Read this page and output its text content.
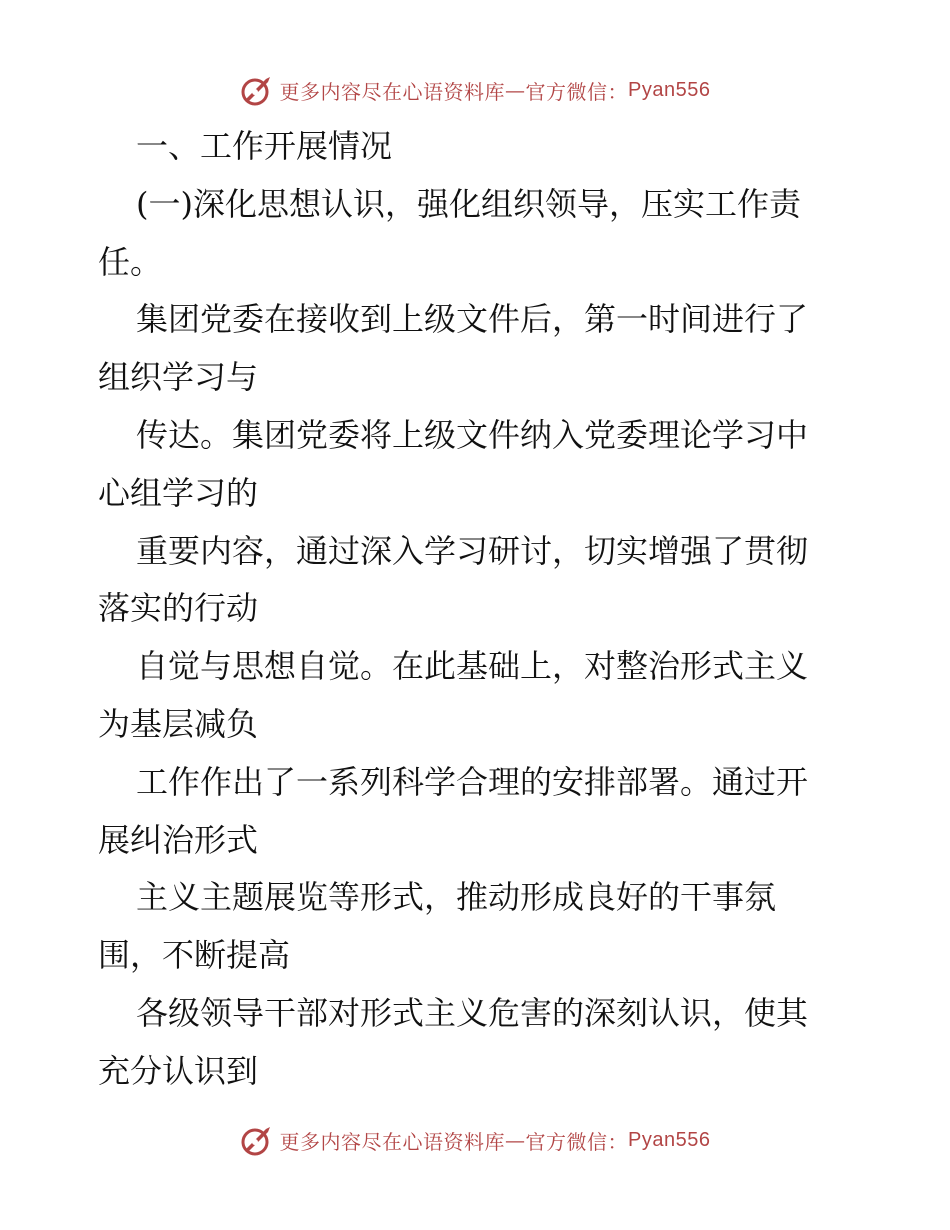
更多内容尽在心语资料库 — 官方微信： Pyan556
一、工作开展情况
(一)深化思想认识，强化组织领导，压实工作责
任。
集团党委在接收到上级文件后，第一时间进行了
组织学习与
传达。集团党委将上级文件纳入党委理论学习中
心组学习的
重要内容，通过深入学习研讨，切实增强了贯彻
落实的行动
自觉与思想自觉。在此基础上，对整治形式主义
为基层减负
工作作出了一系列科学合理的安排部署。通过开
展纠治形式
主义主题展览等形式，推动形成良好的干事氛
围，不断提高
各级领导干部对形式主义危害的深刻认识，使其
充分认识到
更多内容尽在心语资料库 — 官方微信： Pyan556
